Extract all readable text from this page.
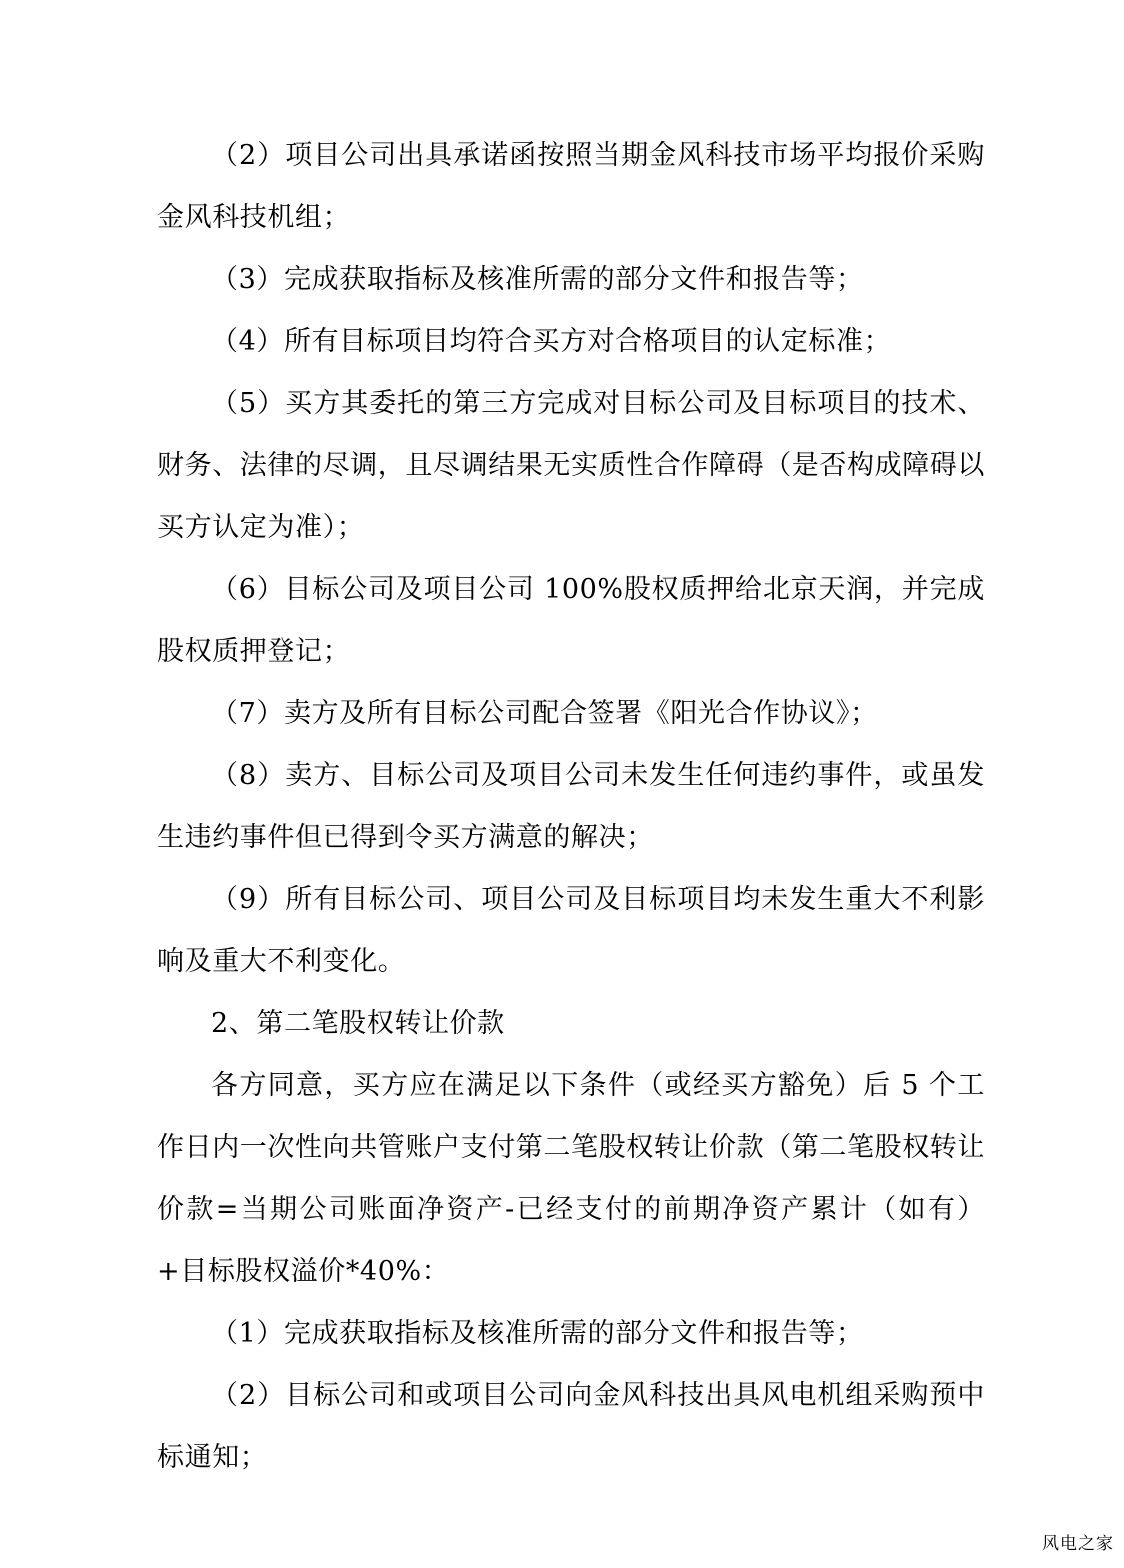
（2）项目公司出具承诺函按照当期金风科技市场平均报价采购金风科技机组；

（3）完成获取指标及核准所需的部分文件和报告等；

（4）所有目标项目均符合买方对合格项目的认定标准；

（5）买方其委托的第三方完成对目标公司及目标项目的技术、财务、法律的尽调，且尽调结果无实质性合作障碍（是否构成障碍以买方认定为准）；

（6）目标公司及项目公司 100%股权质押给北京天润，并完成股权质押登记；

（7）卖方及所有目标公司配合签署《阳光合作协议》；

（8）卖方、目标公司及项目公司未发生任何违约事件，或虽发生违约事件但已得到令买方满意的解决；

（9）所有目标公司、项目公司及目标项目均未发生重大不利影响及重大不利变化。

2、第二笔股权转让价款

各方同意，买方应在满足以下条件（或经买方豁免）后 5 个工作日内一次性向共管账户支付第二笔股权转让价款（第二笔股权转让价款=当期公司账面净资产-已经支付的前期净资产累计（如有）+目标股权溢价*40%：

（1）完成获取指标及核准所需的部分文件和报告等；

（2）目标公司和或项目公司向金风科技出具风电机组采购预中标通知；

风电之家
